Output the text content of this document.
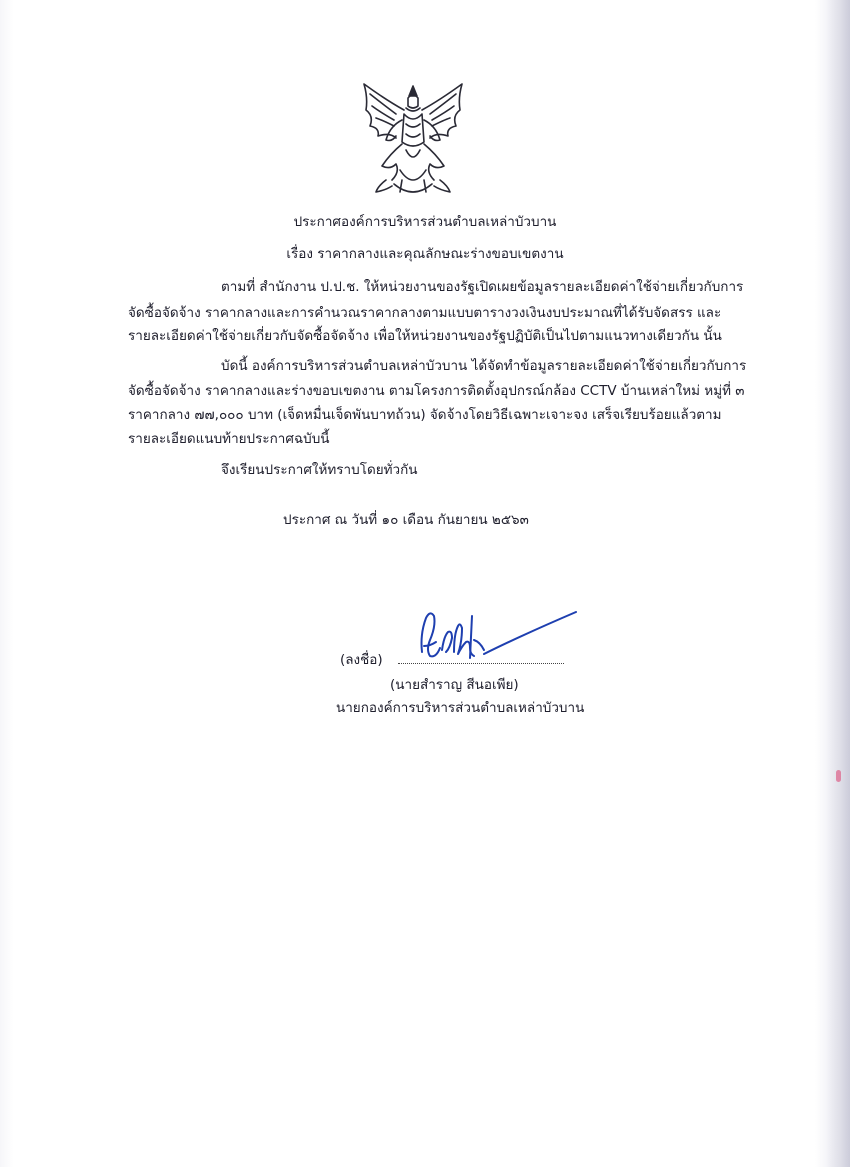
ประกาศองค์การบริหารส่วนตำบลเหล่าบัวบาน
เรื่อง ราคากลางและคุณลักษณะร่างขอบเขตงาน
ตามที่ สำนักงาน ป.ป.ช. ให้หน่วยงานของรัฐเปิดเผยข้อมูลรายละเอียดค่าใช้จ่ายเกี่ยวกับการ
จัดซื้อจัดจ้าง ราคากลางและการคำนวณราคากลางตามแบบตารางวงเงินงบประมาณที่ได้รับจัดสรร และ
รายละเอียดค่าใช้จ่ายเกี่ยวกับจัดซื้อจัดจ้าง เพื่อให้หน่วยงานของรัฐปฏิบัติเป็นไปตามแนวทางเดียวกัน นั้น
บัดนี้ องค์การบริหารส่วนตำบลเหล่าบัวบาน ได้จัดทำข้อมูลรายละเอียดค่าใช้จ่ายเกี่ยวกับการ
จัดซื้อจัดจ้าง ราคากลางและร่างขอบเขตงาน ตามโครงการติดตั้งอุปกรณ์กล้อง CCTV บ้านเหล่าใหม่ หมู่ที่ ๓
ราคากลาง ๗๗,๐๐๐ บาท (เจ็ดหมื่นเจ็ดพันบาทถ้วน) จัดจ้างโดยวิธีเฉพาะเจาะจง เสร็จเรียบร้อยแล้วตาม
รายละเอียดแนบท้ายประกาศฉบับนี้
จึงเรียนประกาศให้ทราบโดยทั่วกัน
ประกาศ ณ วันที่ ๑๐ เดือน กันยายน ๒๕๖๓
(ลงชื่อ)
(นายสำราญ สีนอเพีย)
นายกองค์การบริหารส่วนตำบลเหล่าบัวบาน
